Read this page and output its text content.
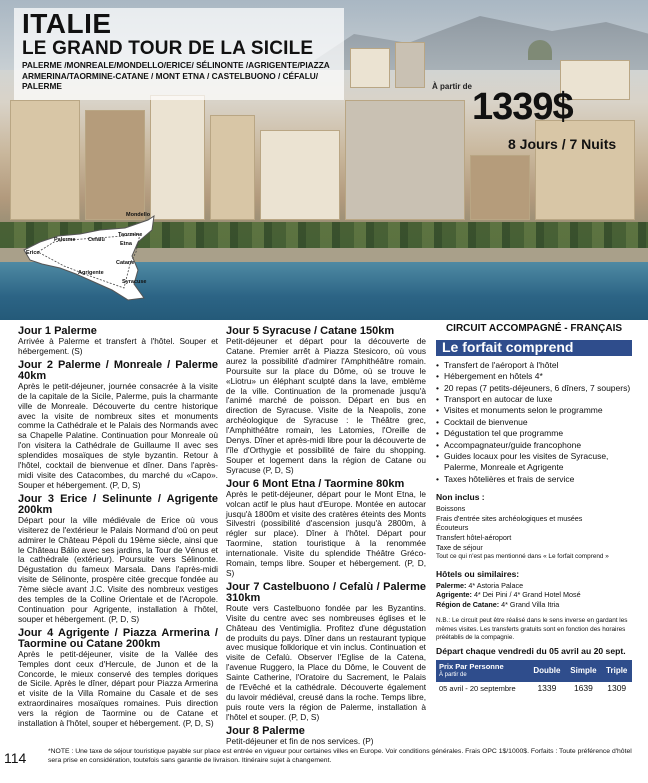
ITALIE
LE GRAND TOUR DE LA SICILE
PALERME /MONREALE/MONDELLO/ERICE/ SÉLINONTE /AGRIGENTE/PIAZZA ARMERINA/TAORMINE-CATANE / MONT ETNA / CASTELBUONO / CÉFALU/ PALERME	À partir de 1339$
8 Jours / 7 Nuits
Mondello
Palerme Cefalù
Taormine
Etna
Erice
Catane
Agrigente
Syracuse
Jour 1 Palerme
Arrivée à Palerme et transfert à l'hôtel. Souper et hébergement. (S)
Jour 2 Palerme / Monreale / Palerme 40km
Après le petit-déjeuner, journée consacrée à la visite de la capitale de la Sicile, Palerme, puis la charmante ville de Monreale. Découverte du centre historique avec la visite de nombreux sites et monuments comme la Cathédrale et le Palais des Normands avec sa Chapelle Palatine. Continuation pour Monreale où l'on visitera la Cathédrale de Guillaume II avec ses splendides mosaïques de style byzantin. Retour à l'hôtel, cocktail de bienvenue et dîner. Dans l'après-midi visite des Catacombes, du marché du «Capo». Souper et hébergement. (P, D, S)
Jour 3 Erice / Selinunte / Agrigente 200km
Départ pour la ville médiévale de Erice où vous visiterez de l'extérieur le Palais Normand d'où on peut admirer le Château Pépoli du 19ème siècle, ainsi que le Château Bálio avec ses jardins, la Tour de Vénus et la cathédrale (extérieur). Poursuite vers Sélinonte. Dégustation du fameux Marsala. Dans l'après-midi visite de Sélinonte, prospère citée grecque fondée au 7ème siècle avant J.C. Visite des nombreux vestiges des temples de la Colline Orientale et de l'Acropole. Continuation pour Agrigente, installation à l'hôtel, souper et hébergement. (P, D, S)
Jour 4 Agrigente / Piazza Armerina / Taormine ou Catane 200km
Après le petit-déjeuner, visite de la Vallée des Temples dont ceux d'Hercule, de Junon et de la Concorde, le mieux conservé des temples doriques de Sicile. Après le dîner, départ pour Piazza Armerina et visite de la Villa Romaine du Casale et de ses extraordinaires mosaïques romaines. Puis direction vers la région de Taormine ou de Catane et installation à l'hôtel, souper et hébergement. (P, D, S)
Jour 5 Syracuse / Catane 150km
Petit-déjeuner et départ pour la découverte de Catane. Premier arrêt à Piazza Stesicoro, où vous aurez la possibilité d'admirer l'Amphithéâtre romain. Poursuite sur la place du Dôme, où se trouve le «Liotru» un éléphant sculpté dans la lave, emblème de la ville. Continuation de la promenade jusqu'à l'animé marché de poisson. Départ en bus en direction de Syracuse. Visite de la Neapolis, zone archéologique de Syracuse : le Théâtre grec, l'Amphithéâtre romain, les Latomies, l'Oreille de Denys. Dîner et après-midi libre pour la découverte de l'île d'Orthygie et possibilité de faire du shopping. Souper et logement dans la région de Catane ou Syracuse (P, D, S)
Jour 6 Mont Etna / Taormine 80km
Après le petit-déjeuner, départ pour le Mont Etna, le volcan actif le plus haut d'Europe. Montée en autocar jusqu'à 1800m et visite des cratères éteints des Monts Silvestri (possibilité d'ascension jusqu'à 2800m, à régler sur place). Dîner à l'hôtel. Départ pour Taormine, station touristique à la renommée internationale. Visite du splendide Théâtre Gréco-Romain, temps libre. Souper et hébergement. (P, D, S)
Jour 7 Castelbuono / Cefalù / Palerme 310km
Route vers Castelbuono fondée par les Byzantins. Visite du centre avec ses nombreuses églises et le Château des Ventimiglia. Profitez d'une dégustation de produits du pays. Dîner dans un restaurant typique avec musique folklorique et vin inclus. Continuation et visite de Cefalù. Observer l'Eglise de la Catena, l'avenue Ruggero, la Place du Dôme, le Couvent de Sainte Catherine, l'Oratoire du Sacrement, le Palais de l'Evêché et la cathédrale. Découverte également du lavoir médiéval, creusé dans la roche. Temps libre, puis route vers la région de Palerme, installation à l'hôtel et souper. (P, D, S)
Jour 8 Palerme
Petit-déjeuner et fin de nos services. (P)
CIRCUIT ACCOMPAGNÉ - FRANÇAIS
Le forfait comprend
• Transfert de l'aéroport à l'hôtel
• Hébergement en hôtels 4*
• 20 repas (7 petits-déjeuners, 6 dîners, 7 soupers)
• Transport en autocar de luxe
• Visites et monuments selon le programme
• Cocktail de bienvenue
• Dégustation tel que programme
• Accompagnateur/guide francophone
• Guides locaux pour les visites de Syracuse, Palerme, Monreale et Agrigente
• Taxes hôtelières et frais de service
Non inclus :
Boissons
Frais d'entrée sites archéologiques et musées
Écouteurs
Transfert hôtel-aéroport
Taxe de séjour
Tout ce qui n'est pas mentionné dans « Le forfait comprend »
Hôtels ou similaires:
Palerme: 4* Astoria Palace
Agrigente: 4* Dei Pini / 4* Grand Hotel Mosé
Région de Catane: 4* Grand Villa Itria
N.B.: Le circuit peut être réalisé dans le sens inverse en gardant les mêmes visites. Les transferts gratuits sont en fonction des horaires préétablis de la compagnie.
Départ chaque vendredi du 05 avril au 20 sept.
Prix Par Personne
À partir de	Double	Simple	Triple
05 avril - 20 septembre	1339	1639	1309
114	*NOTE : Une taxe de séjour touristique payable sur place est entrée en vigueur pour certaines villes en Europe. Voir conditions générales. Frais OPC 1$/1000$. Forfaits : Toute préférence d'hôtel sera prise en considération, toutefois sans garantie de livraison. Itinéraire sujet à changement.
